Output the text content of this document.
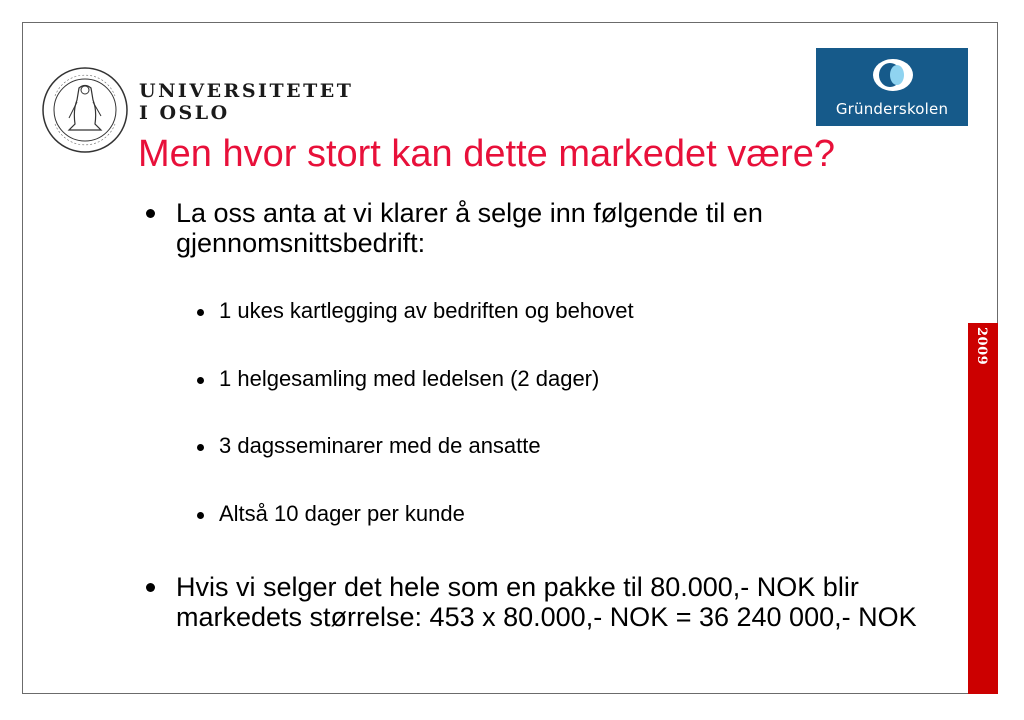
UNIVERSITETET
I OSLO	Gründerskolen
Men hvor stort kan dette markedet være?
2009
La oss anta at vi klarer å selge inn følgende til en gjennomsnittsbedrift:
1 ukes kartlegging av bedriften og behovet
1 helgesamling med ledelsen (2 dager)
3 dagsseminarer med de ansatte
Altså 10 dager per kunde
Hvis vi selger det hele som en pakke til 80.000,- NOK blir markedets størrelse: 453 x 80.000,- NOK = 36 240 000,- NOK
